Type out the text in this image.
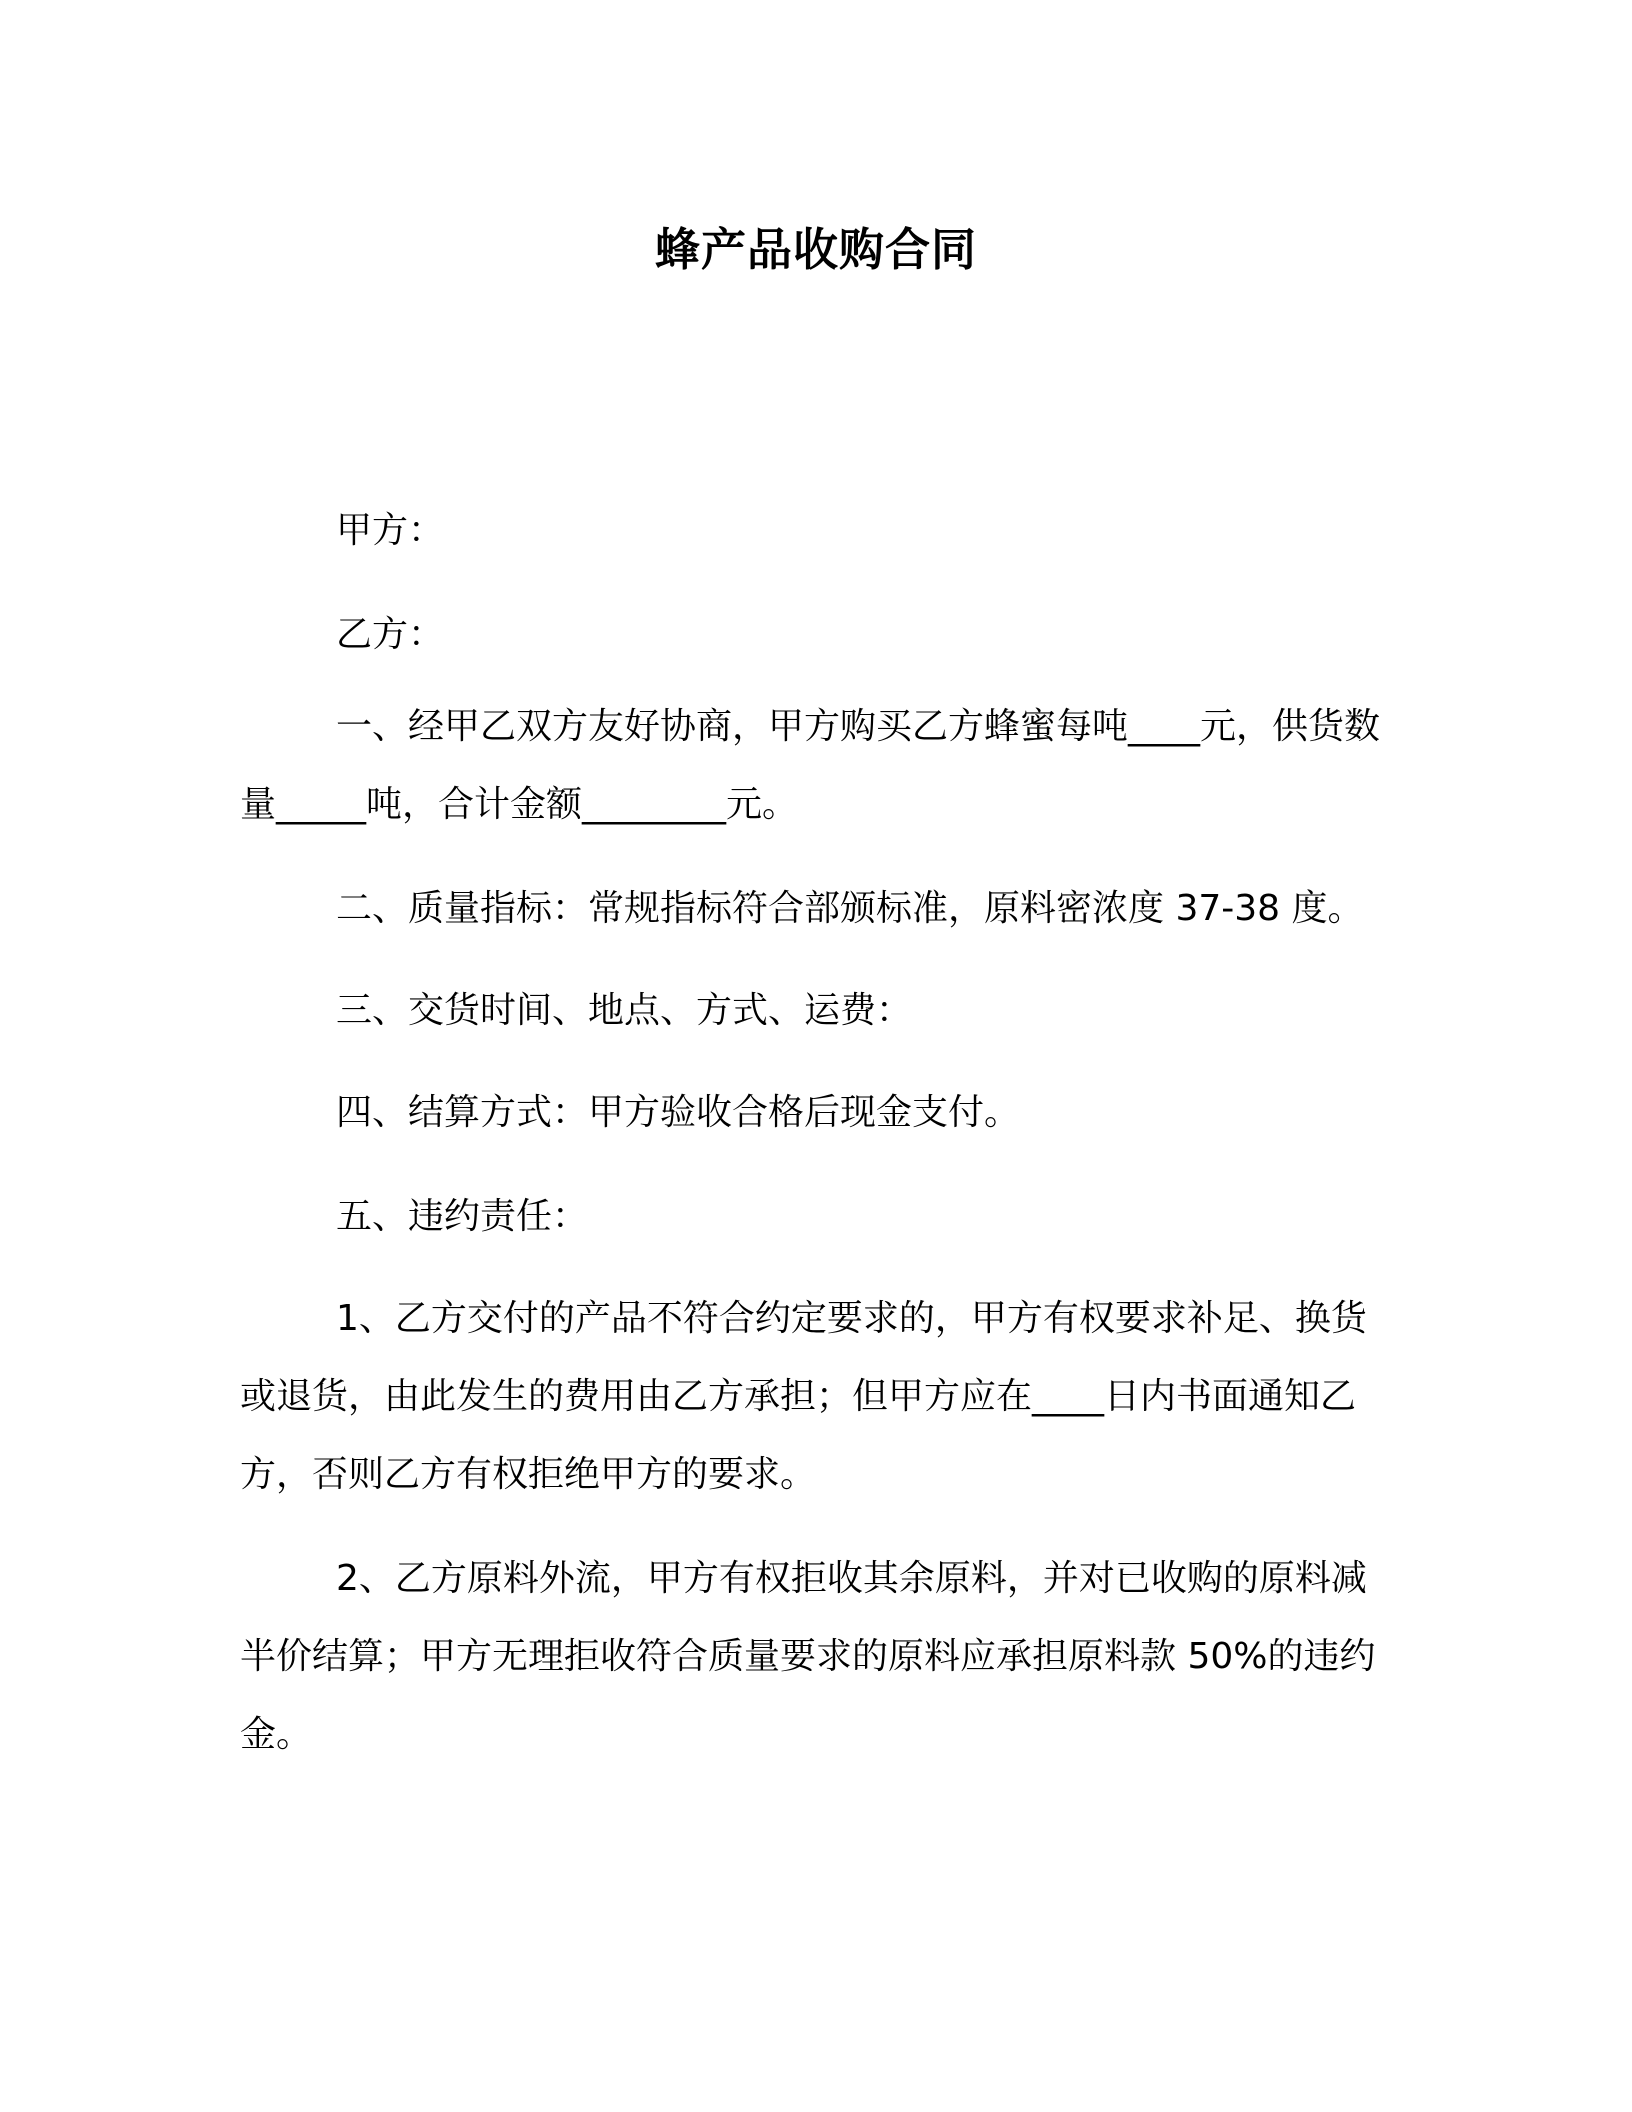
蜂产品收购合同

甲方：

乙方：

一、经甲乙双方友好协商，甲方购买乙方蜂蜜每吨____元，供货数量_____吨，合计金额________元。

二、质量指标：常规指标符合部颁标准，原料密浓度 37-38 度。

三、交货时间、地点、方式、运费：

四、结算方式：甲方验收合格后现金支付。

五、违约责任：

1、乙方交付的产品不符合约定要求的，甲方有权要求补足、换货或退货，由此发生的费用由乙方承担；但甲方应在____日内书面通知乙方，否则乙方有权拒绝甲方的要求。

2、乙方原料外流，甲方有权拒收其余原料，并对已收购的原料减半价结算；甲方无理拒收符合质量要求的原料应承担原料款 50%的违约金。
